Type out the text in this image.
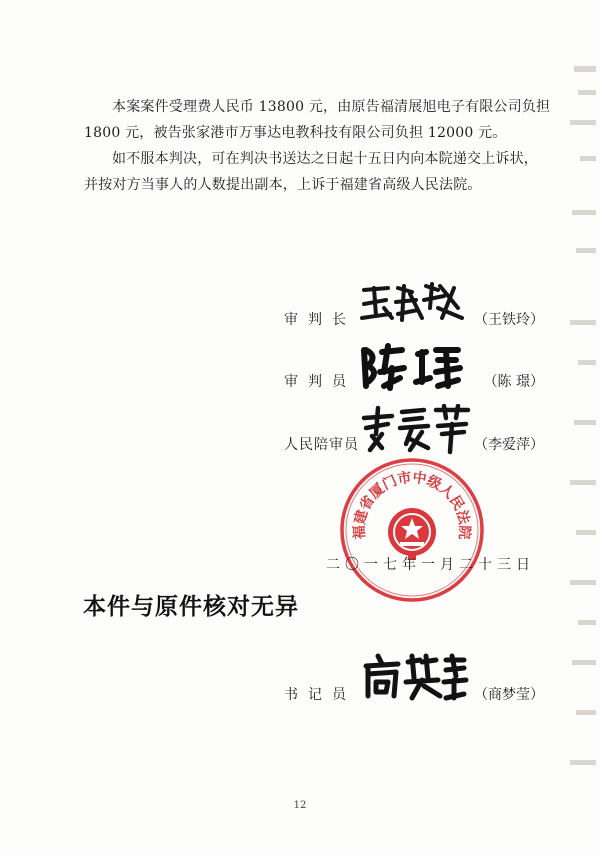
本案案件受理费人民币 13800 元，由原告福清展旭电子有限公司负担
1800 元，被告张家港市万事达电教科技有限公司负担 12000 元。
如不服本判决，可在判决书送达之日起十五日内向本院递交上诉状，
并按对方当事人的人数提出副本，上诉于福建省高级人民法院。
审判长	（王铁玲）
审判员	（陈 璟）
人民陪审员	（李爱萍）
福建省厦门市中级人民法院
二〇一七年一月二十三日
本件与原件核对无异
书记员	（商梦莹）
12
